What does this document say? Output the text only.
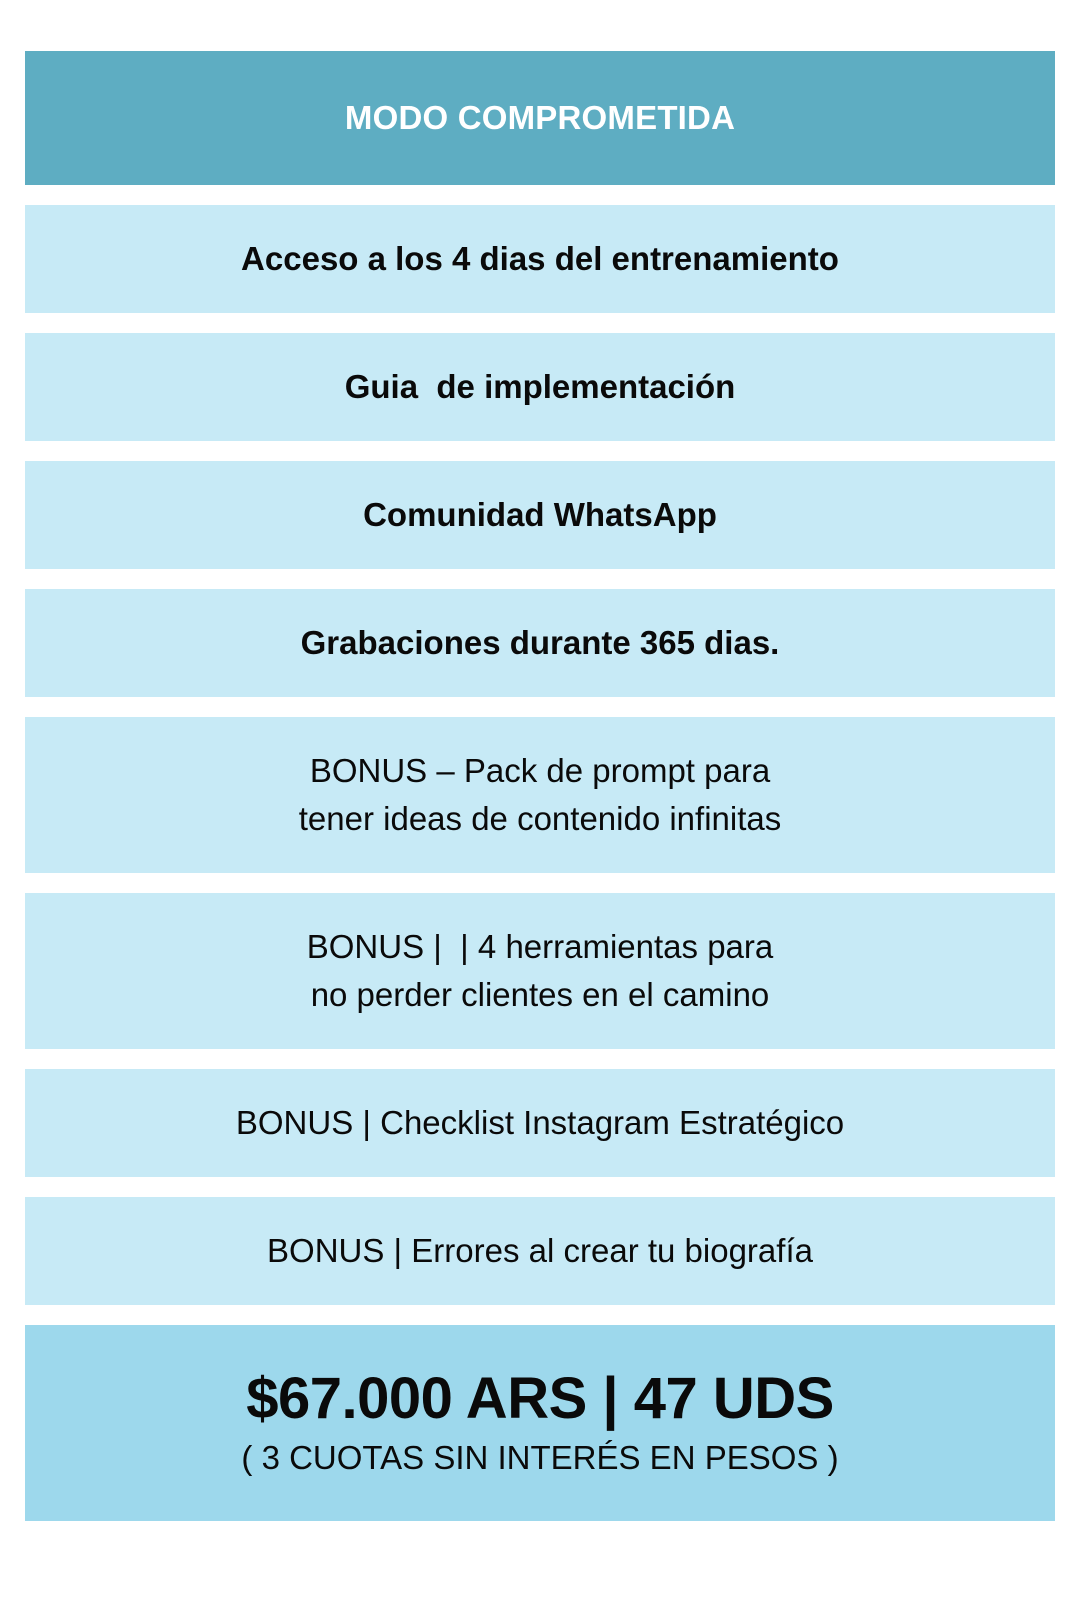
MODO COMPROMETIDA
Acceso a los 4 dias del entrenamiento
Guia  de implementación
Comunidad WhatsApp
Grabaciones durante 365 dias.
BONUS – Pack de prompt para
tener ideas de contenido infinitas
BONUS |  | 4 herramientas para
no perder clientes en el camino
BONUS | Checklist Instagram Estratégico
BONUS | Errores al crear tu biografía
$67.000 ARS | 47 UDS
( 3 CUOTAS SIN INTERÉS EN PESOS )
